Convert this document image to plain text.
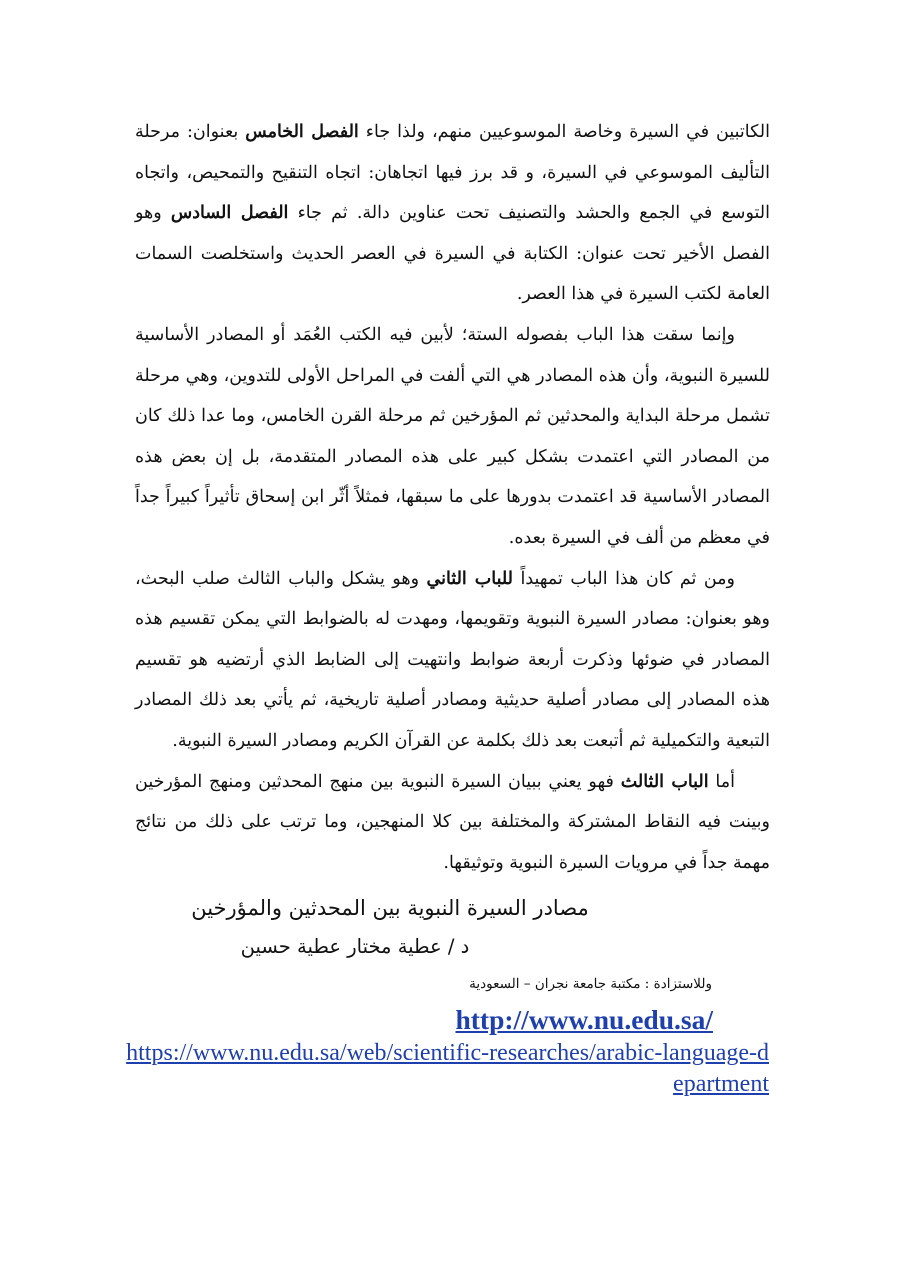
الكاتبين في السيرة وخاصة الموسوعيين منهم، ولذا جاء الفصل الخامس بعنوان: مرحلة التأليف الموسوعي في السيرة، و قد برز فيها اتجاهان: اتجاه التنقيح والتمحيص، واتجاه التوسع في الجمع والحشد والتصنيف تحت عناوين دالة. ثم جاء الفصل السادس وهو الفصل الأخير تحت عنوان: الكتابة في السيرة في العصر الحديث واستخلصت السمات العامة لكتب السيرة في هذا العصر.

وإنما سقت هذا الباب بفصوله الستة؛ لأبين فيه الكتب العُمَد أو المصادر الأساسية للسيرة النبوية، وأن هذه المصادر هي التي ألفت في المراحل الأولى للتدوين، وهي مرحلة تشمل مرحلة البداية والمحدثين ثم المؤرخين ثم مرحلة القرن الخامس، وما عدا ذلك كان من المصادر التي اعتمدت بشكل كبير على هذه المصادر المتقدمة، بل إن بعض هذه المصادر الأساسية قد اعتمدت بدورها على ما سبقها، فمثلاً أثّر ابن إسحاق تأثيراً كبيراً جداً في معظم من ألف في السيرة بعده.

ومن ثم كان هذا الباب تمهيداً للباب الثاني وهو يشكل والباب الثالث صلب البحث، وهو بعنوان: مصادر السيرة النبوية وتقويمها، ومهدت له بالضوابط التي يمكن تقسيم هذه المصادر في ضوئها وذكرت أربعة ضوابط وانتهيت إلى الضابط الذي أرتضيه هو تقسيم هذه المصادر إلى مصادر أصلية حديثية ومصادر أصلية تاريخية، ثم يأتي بعد ذلك المصادر التبعية والتكميلية ثم أتبعت بعد ذلك بكلمة عن القرآن الكريم ومصادر السيرة النبوية.

أما الباب الثالث فهو يعني ببيان السيرة النبوية بين منهج المحدثين ومنهج المؤرخين وبينت فيه النقاط المشتركة والمختلفة بين كلا المنهجين، وما ترتب على ذلك من نتائج مهمة جداً في مرويات السيرة النبوية وتوثيقها.

مصادر السيرة النبوية بين المحدثين والمؤرخين
د / عطية مختار عطية حسين
وللاستزادة : مكتبة جامعة نجران – السعودية
http://www.nu.edu.sa/
https://www.nu.edu.sa/web/scientific-researches/arabic-language-department
